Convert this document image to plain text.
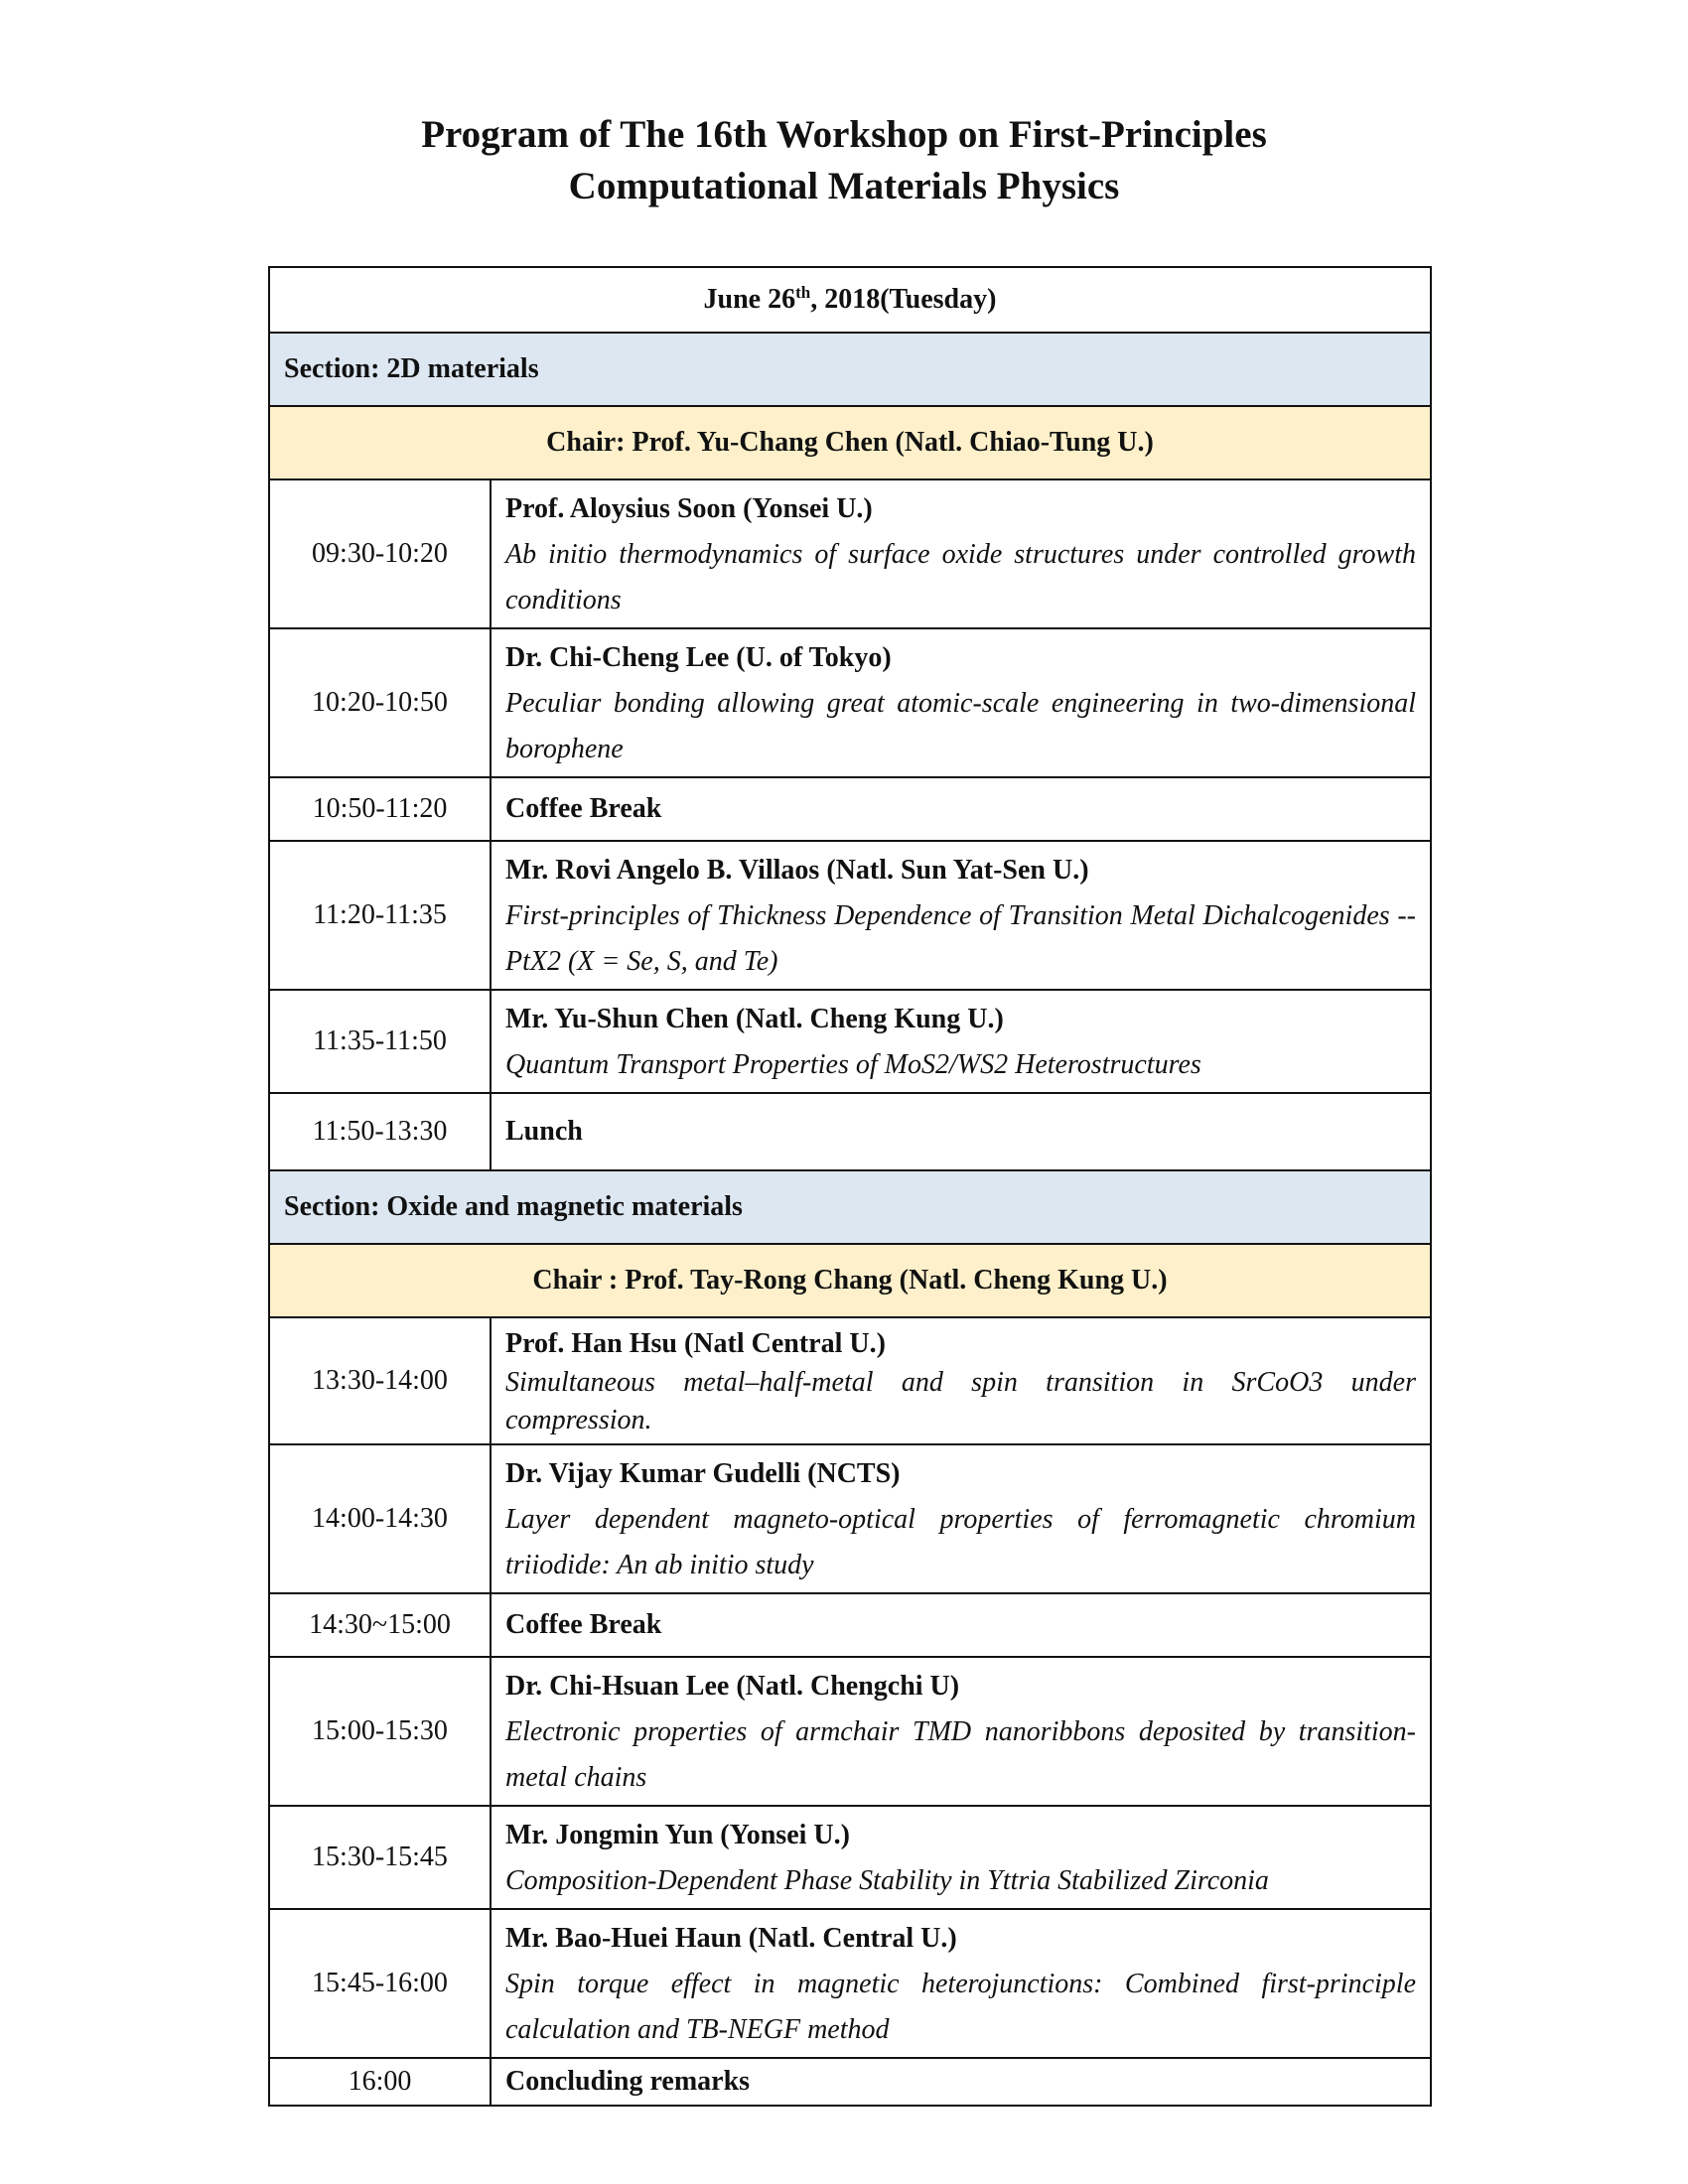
Program of The 16th Workshop on First-Principles
Computational Materials Physics
June 26th, 2018(Tuesday)	
Section: 2D materials	
Chair: Prof. Yu-Chang Chen (Natl. Chiao-Tung U.)	
09:30-10:20	Prof. Aloysius Soon (Yonsei U.)
Ab initio thermodynamics of surface oxide structures under controlled growth conditions

10:20-10:50	Dr. Chi-Cheng Lee (U. of Tokyo)
Peculiar bonding allowing great atomic-scale engineering in two-dimensional borophene

10:50-11:20	Coffee Break
11:20-11:35	Mr. Rovi Angelo B. Villaos (Natl. Sun Yat-Sen U.)
First-principles of Thickness Dependence of Transition Metal Dichalcogenides -- PtX2 (X = Se, S, and Te)

11:35-11:50	Mr. Yu-Shun Chen (Natl. Cheng Kung U.)
Quantum Transport Properties of MoS2/WS2 Heterostructures

11:50-13:30	Lunch
Section: Oxide and magnetic materials	
Chair : Prof. Tay-Rong Chang (Natl. Cheng Kung U.)	
13:30-14:00	Prof. Han Hsu (Natl Central U.)
Simultaneous metal–half-metal and spin transition in SrCoO3 under compression.

14:00-14:30	Dr. Vijay Kumar Gudelli (NCTS)
Layer dependent magneto-optical properties of ferromagnetic chromium triiodide: An ab initio study

14:30~15:00	Coffee Break
15:00-15:30	Dr. Chi-Hsuan Lee (Natl. Chengchi U)
Electronic properties of armchair TMD nanoribbons deposited by transition-metal chains

15:30-15:45	Mr. Jongmin Yun (Yonsei U.)
Composition-Dependent Phase Stability in Yttria Stabilized Zirconia

15:45-16:00	Mr. Bao-Huei Haun (Natl. Central U.)
Spin torque effect in magnetic heterojunctions: Combined first-principle calculation and TB-NEGF method

16:00	Concluding remarks
